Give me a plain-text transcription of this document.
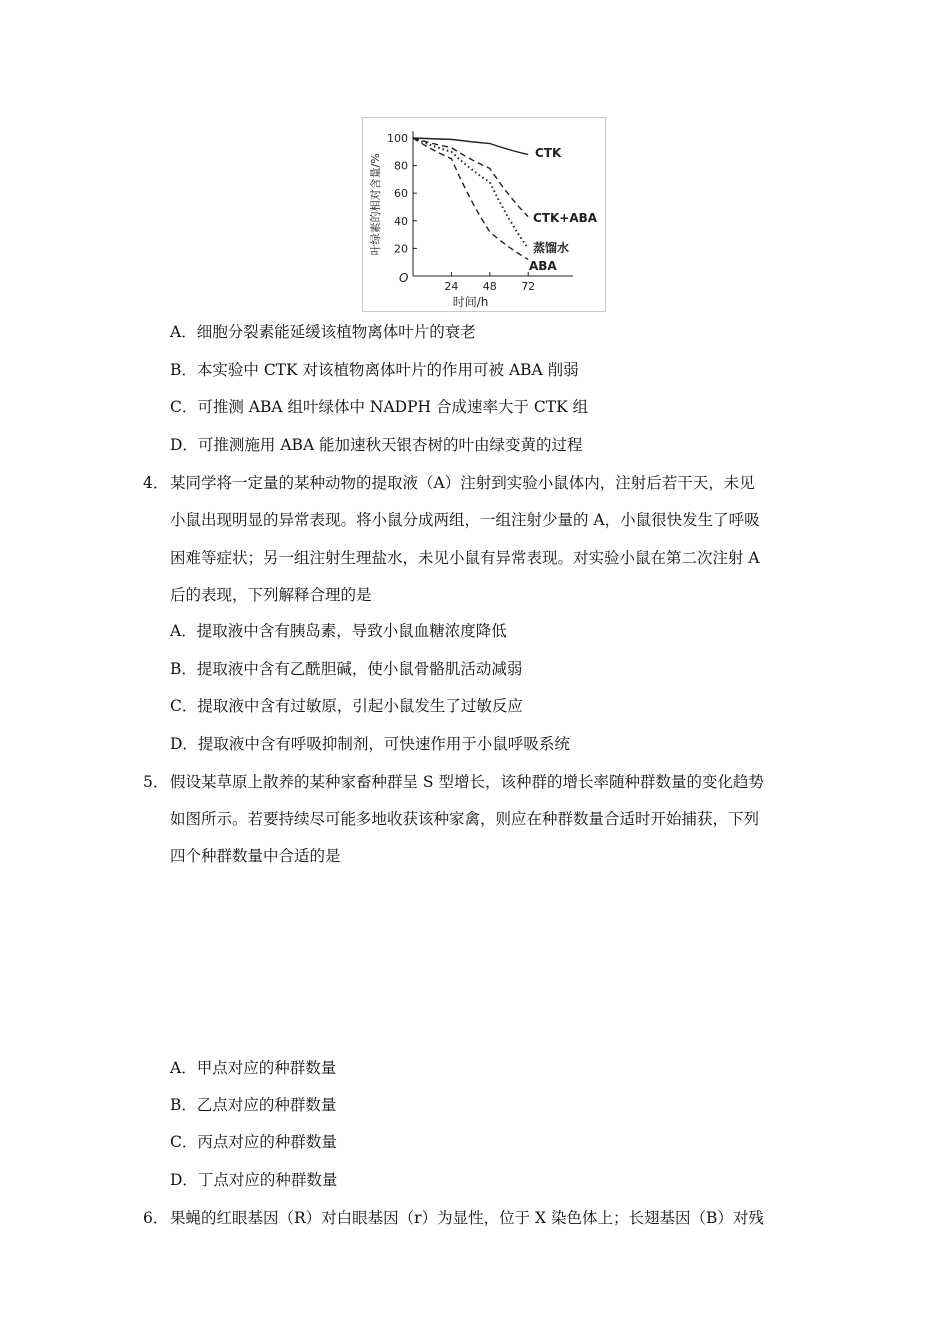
20
40
60
80
100
24 48 72
O
时间/h
叶绿素的相对含量/%
CTK
CTK+ABA
蒸馏水
ABA
A．细胞分裂素能延缓该植物离体叶片的衰老
B．本实验中 CTK 对该植物离体叶片的作用可被 ABA 削弱
C．可推测 ABA 组叶绿体中 NADPH 合成速率大于 CTK 组
D．可推测施用 ABA 能加速秋天银杏树的叶由绿变黄的过程
4． 某同学将一定量的某种动物的提取液（A）注射到实验小鼠体内，注射后若干天，未见
小鼠出现明显的异常表现。将小鼠分成两组，一组注射少量的 A，小鼠很快发生了呼吸
困难等症状；另一组注射生理盐水，未见小鼠有异常表现。对实验小鼠在第二次注射 A
后的表现，下列解释合理的是
A．提取液中含有胰岛素，导致小鼠血糖浓度降低
B．提取液中含有乙酰胆碱，使小鼠骨骼肌活动减弱
C．提取液中含有过敏原，引起小鼠发生了过敏反应
D．提取液中含有呼吸抑制剂，可快速作用于小鼠呼吸系统
5． 假设某草原上散养的某种家畜种群呈 S 型增长，该种群的增长率随种群数量的变化趋势
如图所示。若要持续尽可能多地收获该种家禽，则应在种群数量合适时开始捕获，下列
四个种群数量中合适的是
A．甲点对应的种群数量
B．乙点对应的种群数量
C．丙点对应的种群数量
D．丁点对应的种群数量
6． 果蝇的红眼基因（R）对白眼基因（r）为显性，位于 X 染色体上；长翅基因（B）对残
